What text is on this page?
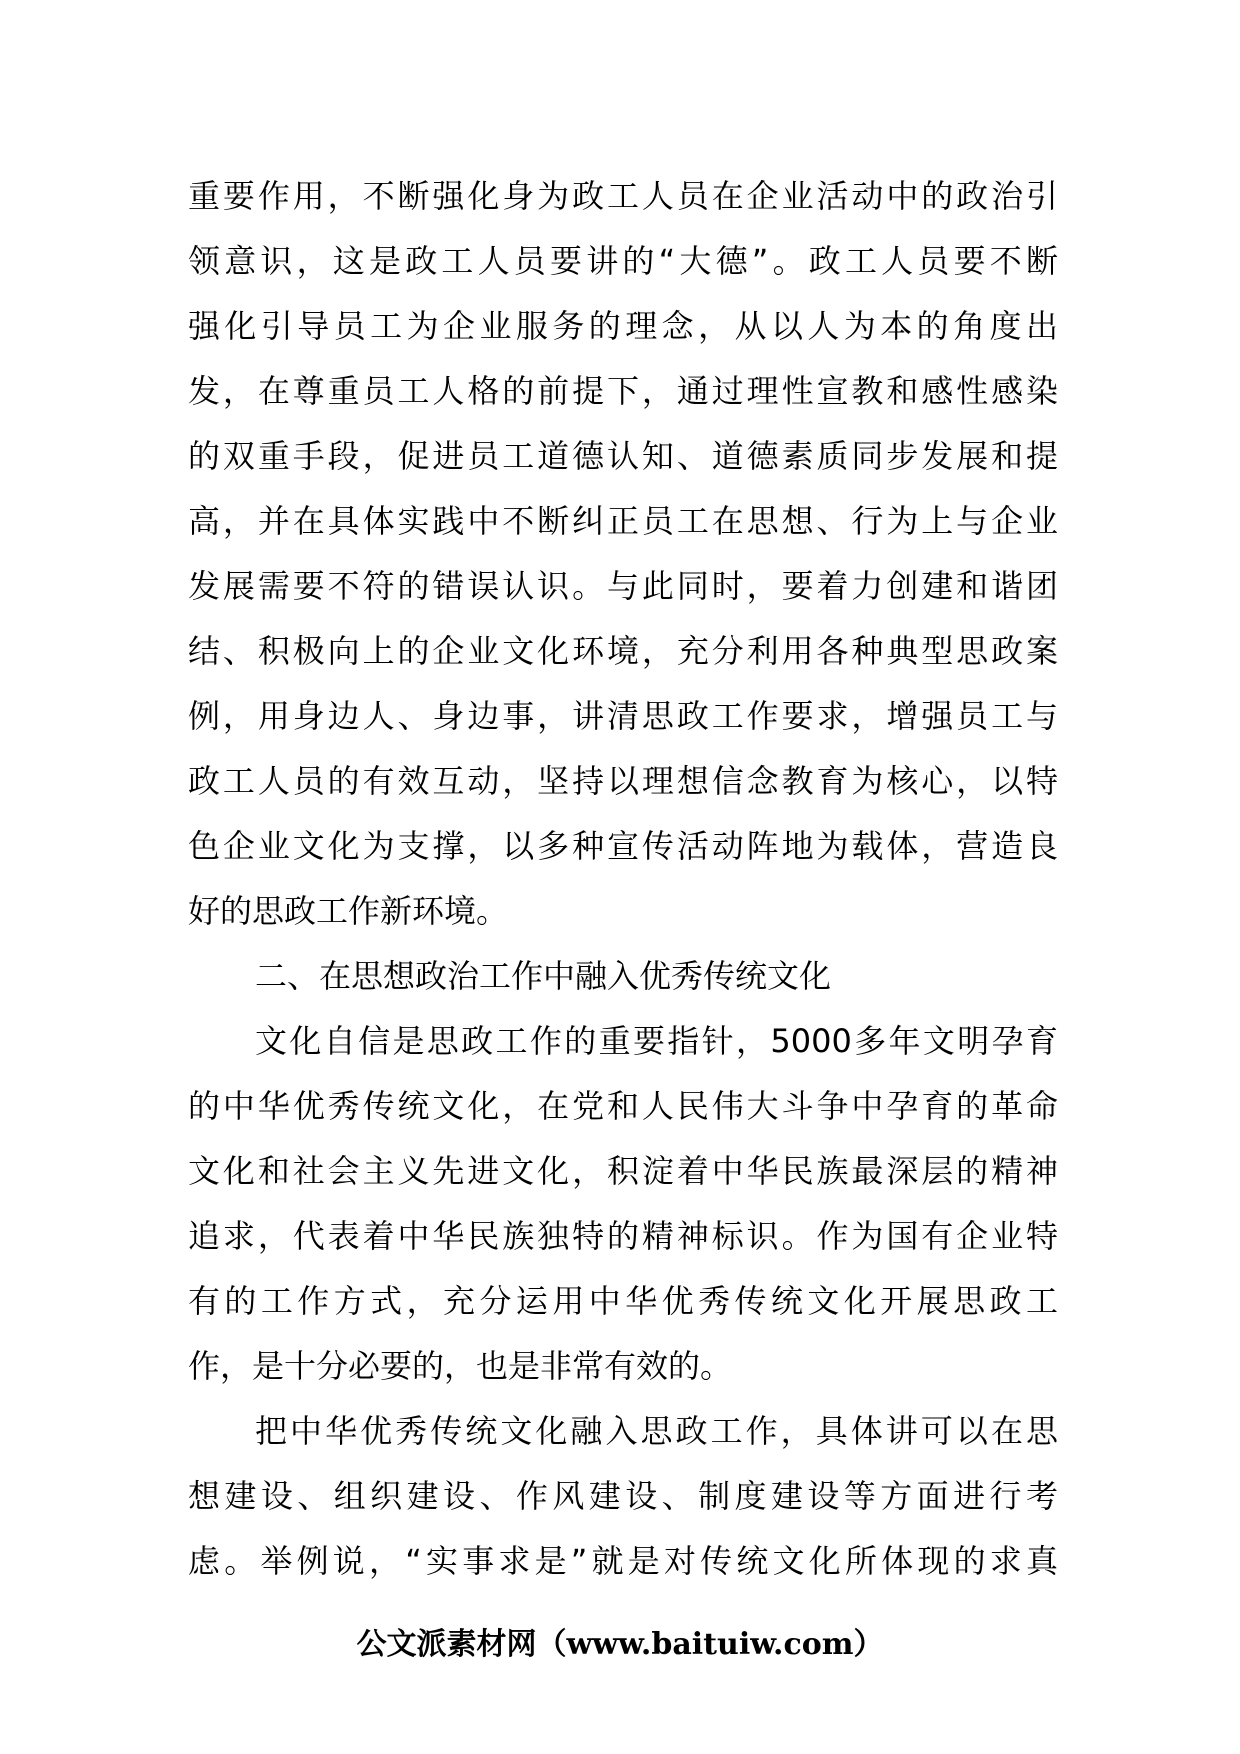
重要作用，不断强化身为政工人员在企业活动中的政治引
领意识，这是政工人员要讲的“大德”。政工人员要不断
强化引导员工为企业服务的理念，从以人为本的角度出
发，在尊重员工人格的前提下，通过理性宣教和感性感染
的双重手段，促进员工道德认知、道德素质同步发展和提
高，并在具体实践中不断纠正员工在思想、行为上与企业
发展需要不符的错误认识。与此同时，要着力创建和谐团
结、积极向上的企业文化环境，充分利用各种典型思政案
例，用身边人、身边事，讲清思政工作要求，增强员工与
政工人员的有效互动，坚持以理想信念教育为核心，以特
色企业文化为支撑，以多种宣传活动阵地为载体，营造良
好的思政工作新环境。
二、在思想政治工作中融入优秀传统文化
文化自信是思政工作的重要指针，5000多年文明孕育
的中华优秀传统文化，在党和人民伟大斗争中孕育的革命
文化和社会主义先进文化，积淀着中华民族最深层的精神
追求，代表着中华民族独特的精神标识。作为国有企业特
有的工作方式，充分运用中华优秀传统文化开展思政工
作，是十分必要的，也是非常有效的。
把中华优秀传统文化融入思政工作，具体讲可以在思
想建设、组织建设、作风建设、制度建设等方面进行考
虑。举例说，“实事求是”就是对传统文化所体现的求真
公文派素材网（www.baituiw.com）
